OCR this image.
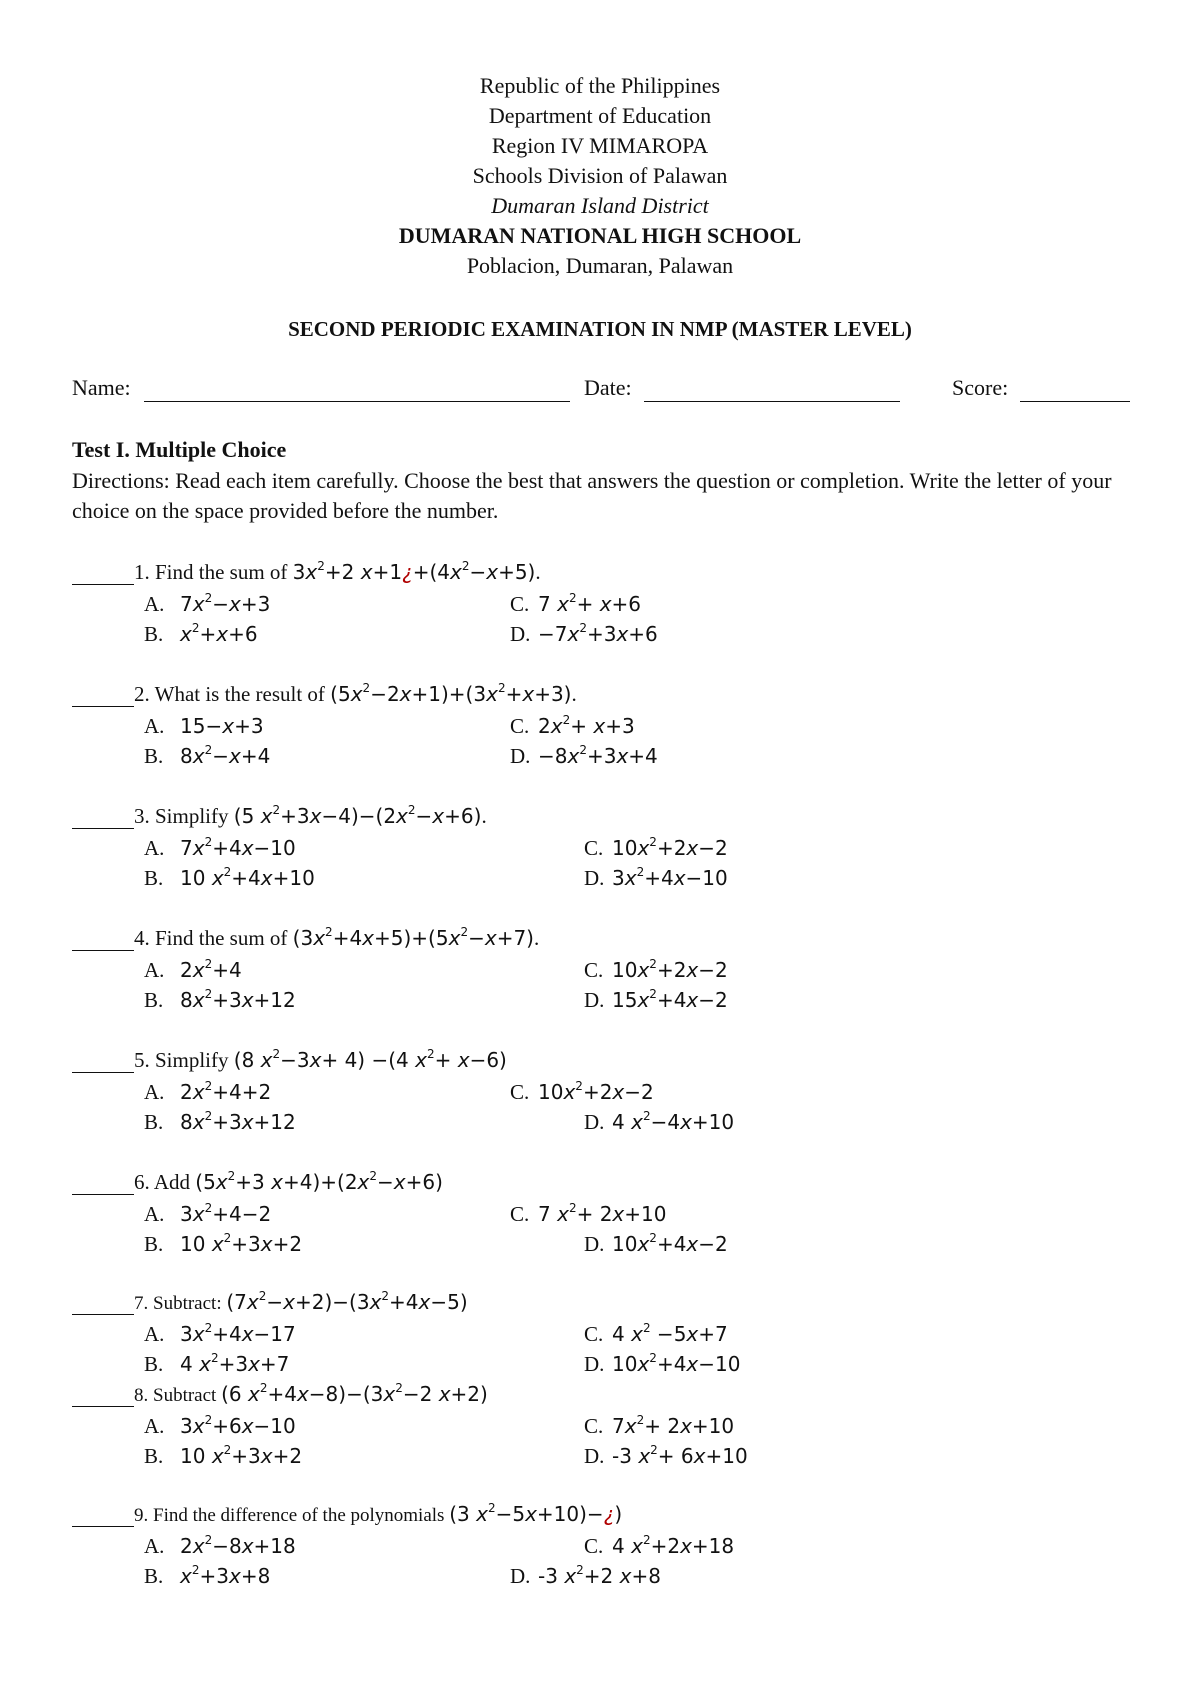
Republic of the Philippines
Department of Education
Region IV MIMAROPA
Schools Division of Palawan
Dumaran Island District
DUMARAN NATIONAL HIGH SCHOOL
Poblacion, Dumaran, Palawan
SECOND PERIODIC EXAMINATION IN NMP (MASTER LEVEL)
Name:	Date:	Score:
Test I. Multiple Choice
Directions: Read each item carefully. Choose the best that answers the question or completion. Write the letter of your choice on the space provided before the number.
1. Find the sum of $3x^2+2$ $x+1¿+(4x^2-x+5)$.
A. $7x^2-x+3$
B. $x^2+x+6$
C. 7 $x^2+ x+6$
D. $-7x^2+3x+6$
2. What is the result of $(5x^2-2x+1)+(3x^2+x+3)$.
A. 15−x+3
B. $8x^2-x+4$
C. $2x^2+ x+3$
D. $-8x^2+3x+4$
3. Simplify (5 $x^2+3x-4)-(2x^2-x+6)$.
A. $7x^2+4x-10$
B. 10 $x^2+4x+10$
C. $10x^2+2x-2$
D. $3x^2+4x-10$
4. Find the sum of $(3x^2+4x+5)+(5x^2-x+7)$.
A. $2x^2+4$
B. $8x^2+3x+12$
C. $10x^2+2x-2$
D. $15x^2+4x-2$
5. Simplify (8 $x^2-3x+ 4) -(4$ $x^2+ x-6$)
A. $2x^2+4+2$
B. $8x^2+3x+12$
C. $10x^2+2x-2$
D. 4 $x^2-4x+10$
6. Add ($5x^2+3$ $x+4)+(2x^2-x+6)$
A. $3x^2+4-2$
B. 10 $x^2+3x+2$
C. 7 $x^2+ 2x+10$
D. $10x^2+4x-2$
7. Subtract: $(7x^2-x+2)-(3x^2+4x-5)$
A. $3x^2+4x-17$
B. 4 $x^2+3x+7$
C. 4 $x^2 -5x+7$
D. $10x^2+4x-10$
8. Subtract (6 $x^2+4x-8)-(3x^2-2$ x+2)
A. $3x^2+6x-10$
B. 10 $x^2+3x+2$
C. $7x^2+ 2x+10$
D. -3 $x^2+ 6x+10$
9. Find the difference of the polynomials (3 $x^2-5x+10)-¿$)
A. $2x^2-8x+18$
B. $x^2+3x+8$
C. 4 $x^2+2x+18$
D. -3 $x^2+2$ x+8
